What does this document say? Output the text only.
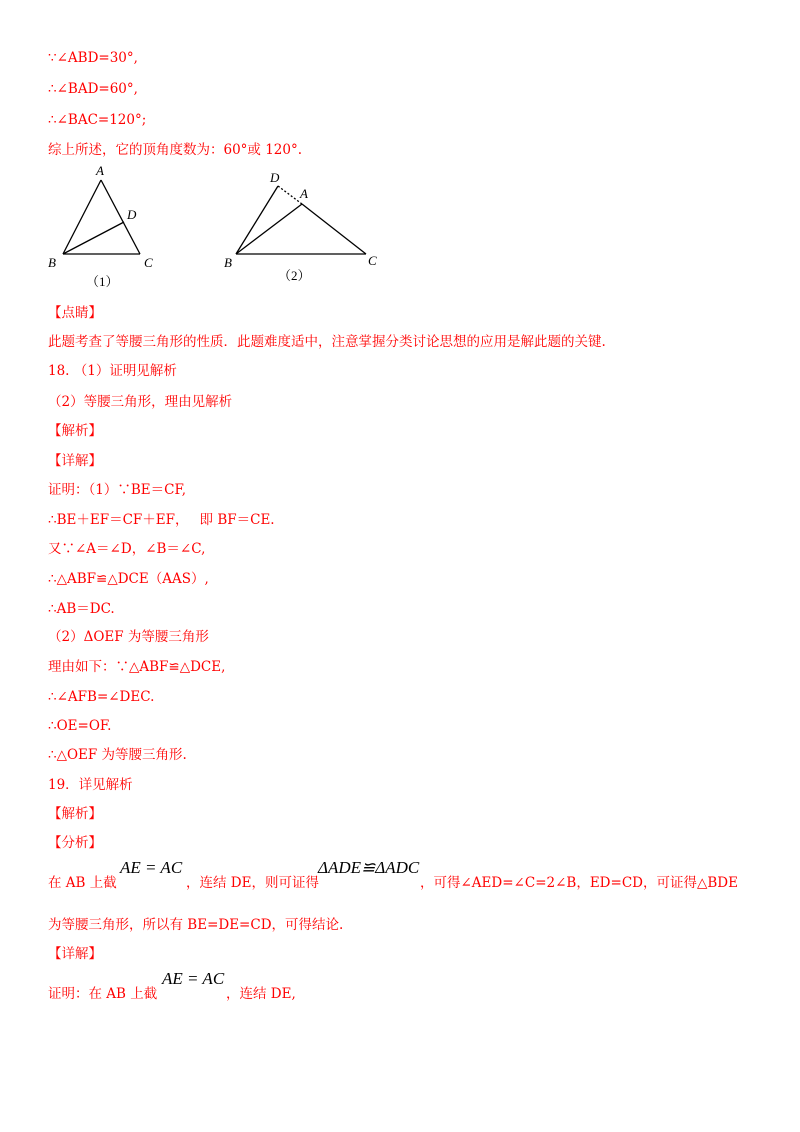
∵∠ABD=30°,
∴∠BAD=60°,
∴∠BAC=120°;
综上所述，它的顶角度数为：60°或 120°.
A
D
B	C
（1）
D
A
B	C
（2）
【点睛】
此题考查了等腰三角形的性质．此题难度适中，注意掌握分类讨论思想的应用是解此题的关键.
18. （1）证明见解析
（2）等腰三角形，理由见解析
【解析】
【详解】
证明：（1）∵BE＝CF,
∴BE＋EF＝CF＋EF，　 即 BF＝CE.
又∵∠A＝∠D，∠B＝∠C,
∴△ABF≌△DCE（AAS）,
∴AB＝DC.
（2）ΔOEF 为等腰三角形
理由如下：∵△ABF≌△DCE,
∴∠AFB=∠DEC.
∴OE=OF.
∴△OEF 为等腰三角形.
19．详见解析
【解析】
【分析】
在 AB 上截
AE = AC
，连结 DE，则可证得
ΔADE≌ΔADC
，可得∠AED=∠C=2∠B，ED=CD，可证得△BDE
为等腰三角形，所以有 BE=DE=CD，可得结论.
【详解】
证明：在 AB 上截
AE = AC
，连结 DE,
